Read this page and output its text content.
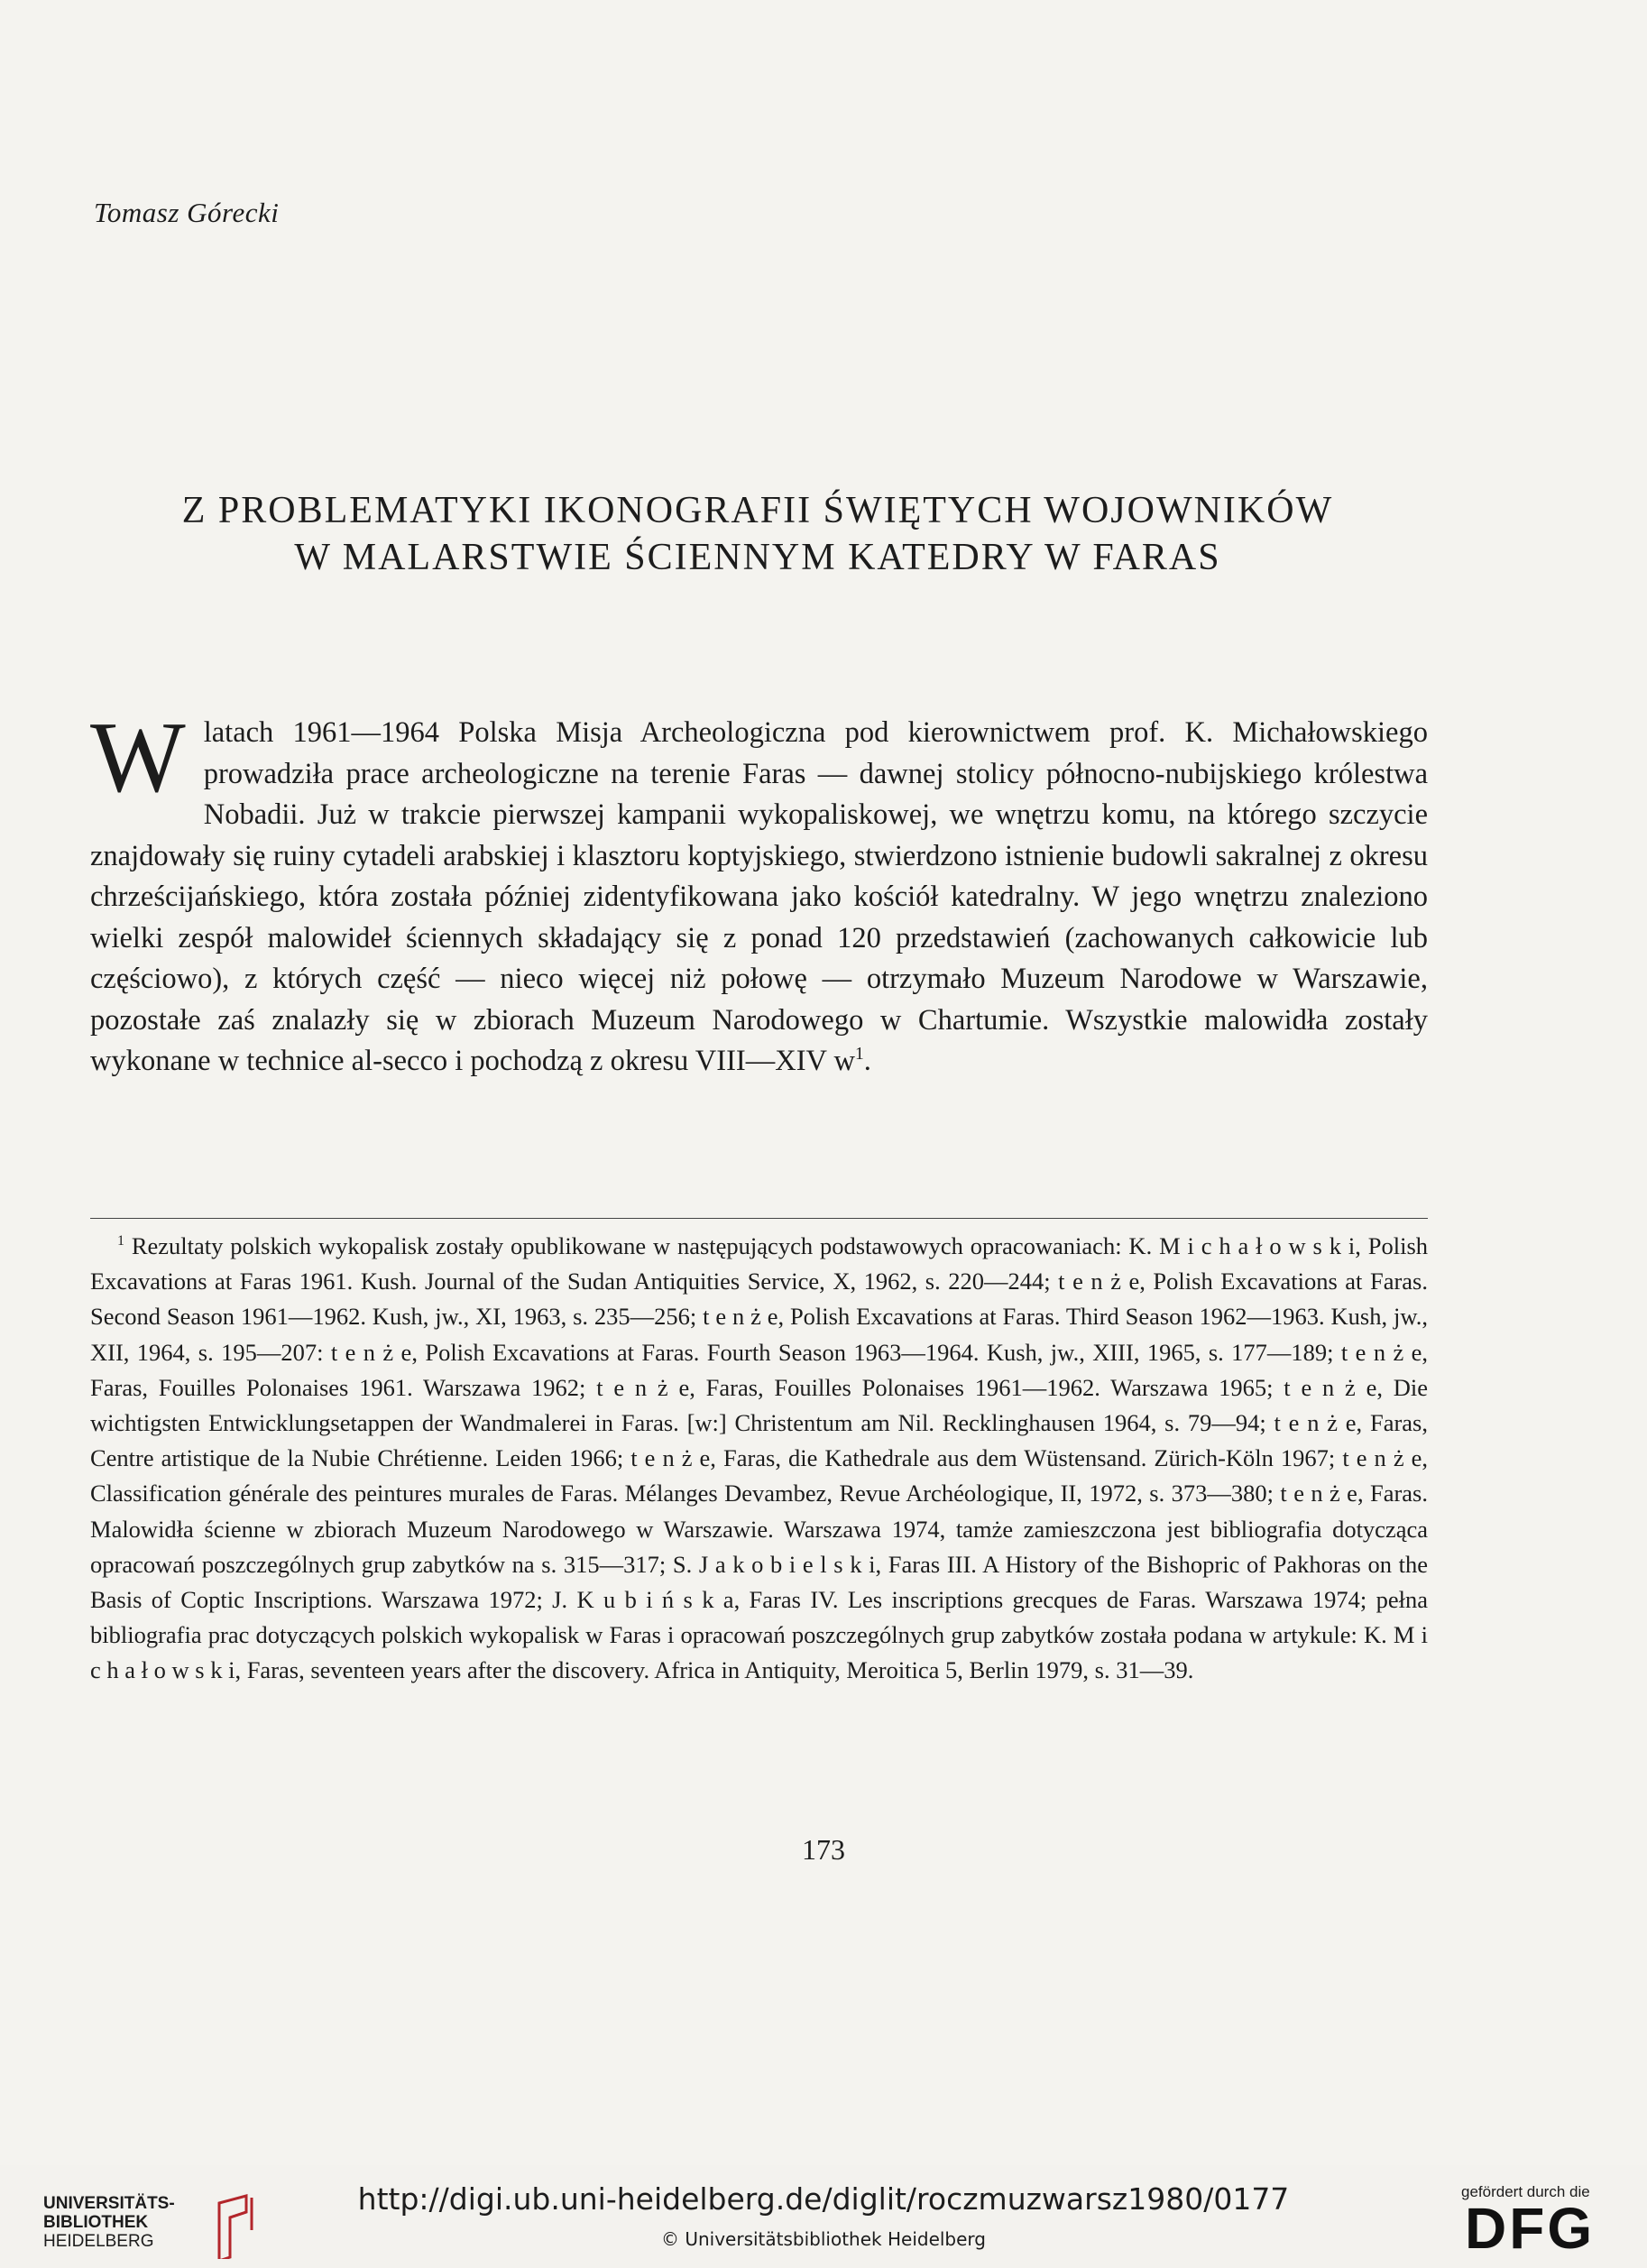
Tomasz Górecki
Z PROBLEMATYKI IKONOGRAFII ŚWIĘTYCH WOJOWNIKÓW
W MALARSTWIE ŚCIENNYM KATEDRY W FARAS
Wlatach 1961—1964 Polska Misja Archeologiczna pod kierownictwem prof. K. Michałowskiego prowadziła prace archeologiczne na terenie Faras — dawnej stolicy północno-nubijskiego królestwa Nobadii. Już w trakcie pierwszej kampanii wykopaliskowej, we wnętrzu komu, na którego szczycie znajdowały się ruiny cytadeli arabskiej i klasztoru koptyjskiego, stwierdzono istnienie budowli sakralnej z okresu chrześcijańskiego, która została później zidentyfikowana jako kościół katedralny. W jego wnętrzu znaleziono wielki zespół malowideł ściennych składający się z ponad 120 przedstawień (zachowanych całkowicie lub częściowo), z których część — nieco więcej niż połowę — otrzymało Muzeum Narodowe w Warszawie, pozostałe zaś znalazły się w zbiorach Muzeum Narodowego w Chartumie. Wszystkie malowidła zostały wykonane w technice al-secco i pochodzą z okresu VIII—XIV $w^1$.
$^1$ Rezultaty polskich wykopalisk zostały opublikowane w następujących podstawowych opracowaniach: K. M i c h a ł o w s k i, Polish Excavations at Faras 1961. Kush. Journal of the Sudan Antiquities Service, X, 1962, s. 220—244; t e n ż e, Polish Excavations at Faras. Second Season 1961—1962. Kush, jw., XI, 1963, s. 235—256; t e n ż e, Polish Excavations at Faras. Third Season 1962—1963. Kush, jw., XII, 1964, s. 195—207: t e n ż e, Polish Excavations at Faras. Fourth Season 1963—1964. Kush, jw., XIII, 1965, s. 177—189; t e n ż e, Faras, Fouilles Polonaises 1961. Warszawa 1962; t e n ż e, Faras, Fouilles Polonaises 1961—1962. Warszawa 1965; t e n ż e, Die wichtigsten Entwicklungsetappen der Wandmalerei in Faras. [w:] Christentum am Nil. Recklinghausen 1964, s. 79—94; t e n ż e, Faras, Centre artistique de la Nubie Chrétienne. Leiden 1966; t e n ż e, Faras, die Kathedrale aus dem Wüstensand. Zürich-Köln 1967; t e n ż e, Classification générale des peintures murales de Faras. Mélanges Devambez, Revue Archéologique, II, 1972, s. 373—380; t e n ż e, Faras. Malowidła ścienne w zbiorach Muzeum Narodowego w Warszawie. Warszawa 1974, tamże zamieszczona jest bibliografia dotycząca opracowań poszczególnych grup zabytków na s. 315—317; S. J a k o b i e l s k i, Faras III. A History of the Bishopric of Pakhoras on the Basis of Coptic Inscriptions. Warszawa 1972; J. K u b i ń s k a, Faras IV. Les inscriptions grecques de Faras. Warszawa 1974; pełna bibliografia prac dotyczących polskich wykopalisk w Faras i opracowań poszczególnych grup zabytków została podana w artykule: K. M i c h a ł o w s k i, Faras, seventeen years after the discovery. Africa in Antiquity, Meroitica 5, Berlin 1979, s. 31—39.
173
UNIVERSITÄTS-
BIBLIOTHEK
HEIDELBERG
http://digi.ub.uni-heidelberg.de/diglit/roczmuzwarsz1980/0177
© Universitätsbibliothek Heidelberg
gefördert durch die
DFG
